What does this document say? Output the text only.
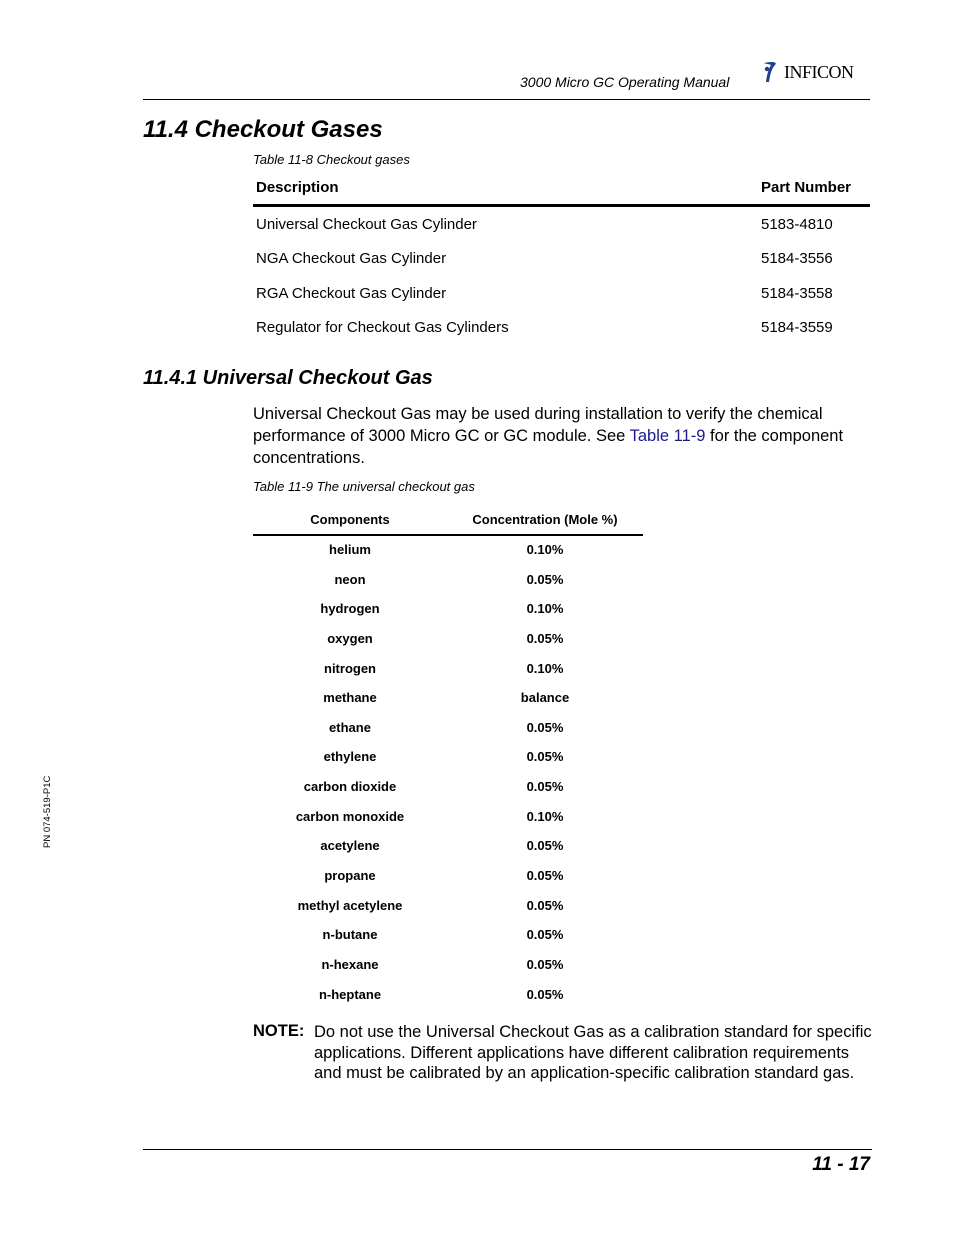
3000 Micro GC Operating Manual
INFICON
11.4 Checkout Gases
Table 11-8 Checkout gases
Description	Part Number
Universal Checkout Gas Cylinder	5183-4810
NGA Checkout Gas Cylinder	5184-3556
RGA Checkout Gas Cylinder	5184-3558
Regulator for Checkout Gas Cylinders	5184-3559
11.4.1 Universal Checkout Gas
Universal Checkout Gas may be used during installation to verify the chemical performance of 3000 Micro GC or GC module. See Table 11-9 for the component concentrations.
Table 11-9 The universal checkout gas
Components	Concentration (Mole %)
helium	0.10%
neon	0.05%
hydrogen	0.10%
oxygen	0.05%
nitrogen	0.10%
methane	balance
ethane	0.05%
ethylene	0.05%
carbon dioxide	0.05%
carbon monoxide	0.10%
acetylene	0.05%
propane	0.05%
methyl acetylene	0.05%
n-butane	0.05%
n-hexane	0.05%
n-heptane	0.05%
NOTE: Do not use the Universal Checkout Gas as a calibration standard for specific applications. Different applications have different calibration requirements and must be calibrated by an application-specific calibration standard gas.
PN 074-519-P1C
11 - 17
